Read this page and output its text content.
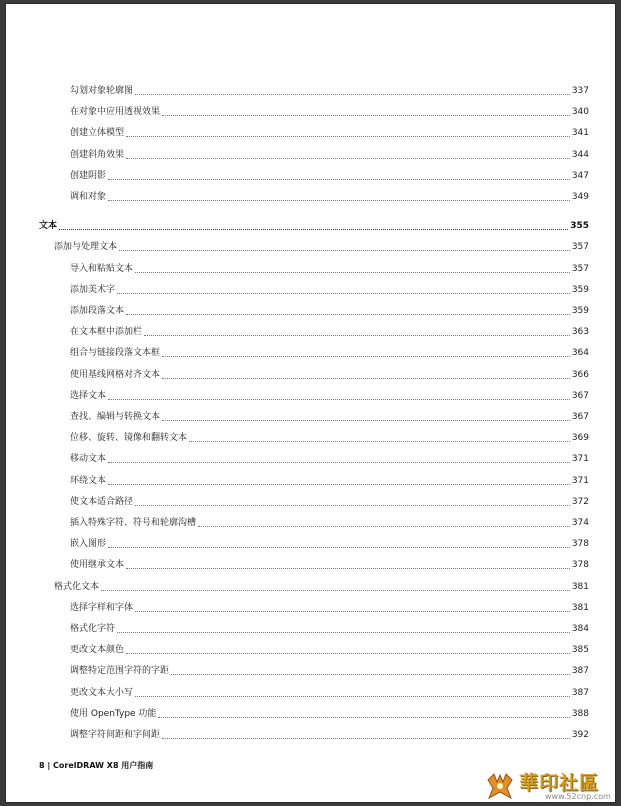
勾划对象轮廓图	337
在对象中应用透视效果	340
创建立体模型	341
创建斜角效果	344
创建阴影	347
调和对象	349
文本	355
添加与处理文本	357
导入和粘贴文本	357
添加美术字	359
添加段落文本	359
在文本框中添加栏	363
组合与链接段落文本框	364
使用基线网格对齐文本	366
选择文本	367
查找、编辑与转换文本	367
位移、旋转、镜像和翻转文本	369
移动文本	371
环绕文本	371
使文本适合路径	372
插入特殊字符、符号和轮廓沟槽	374
嵌入图形	378
使用继承文本	378
格式化文本	381
选择字样和字体	381
格式化字符	384
更改文本颜色	385
调整特定范围字符的字距	387
更改文本大小写	387
使用 OpenType 功能	388
调整字符间距和字间距	392
8 | CorelDRAW X8 用户指南
華印社區
www.52cnp.com
